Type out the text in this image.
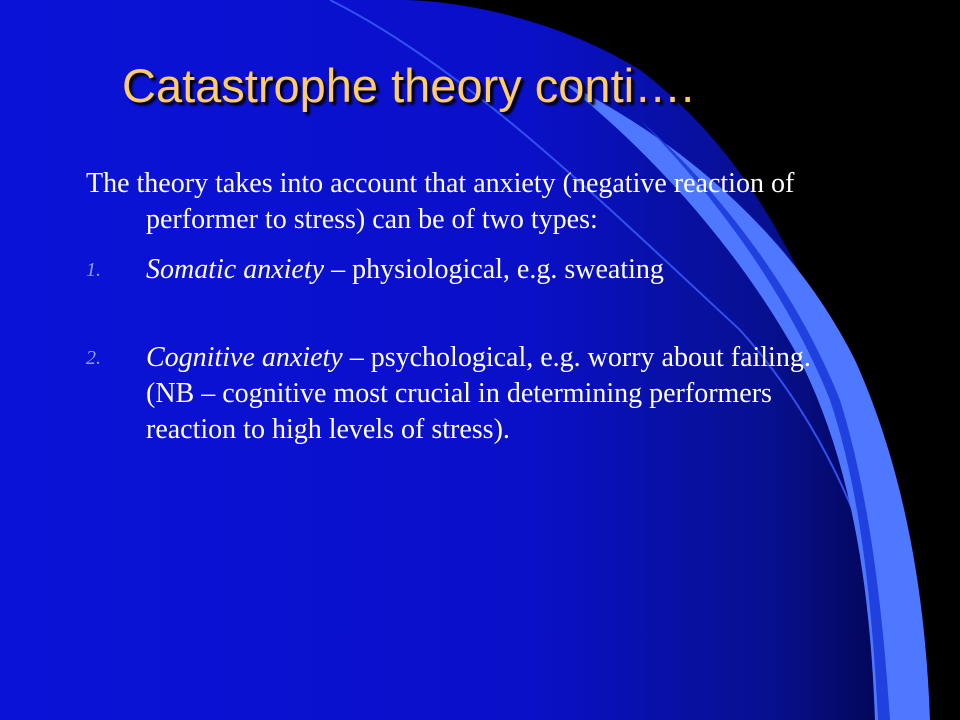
Catastrophe theory conti….

The theory takes into account that anxiety (negative reaction of performer to stress) can be of two types:

1.	Somatic anxiety – physiological, e.g. sweating

2.	Cognitive anxiety – psychological, e.g. worry about failing. (NB – cognitive most crucial in determining performers reaction to high levels of stress).
